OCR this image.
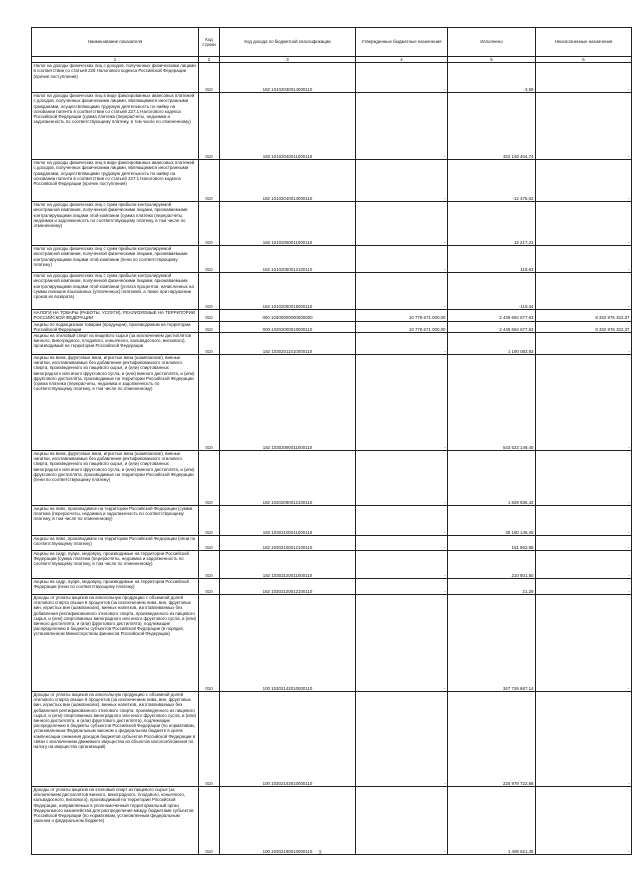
Наименование показателя	Код строки	Код дохода по бюджетной классификации	Утвержденные бюджетные назначения	Исполнено	Неисполненные назначения
1	2	3	4	5	6
Налог на доходы физических лиц с доходов, полученных физическими лицами в соответствии со статьей 228 Налогового кодекса Российской Федерации (прочие поступления)	010	182 10102030014000110	-	-3,59	-
Налог на доходы физических лиц в виде фиксированных авансовых платежей с доходов, полученных физическими лицами, являющимися иностранными гражданами, осуществляющими трудовую деятельность по найму на основании патента в соответствии со статьей 227.1 Налогового кодекса Российской Федерации (сумма платежа (перерасчеты, недоимка и задолженность по соответствующему платежу, в том числе по отмененному)	010	182 10102040011000110	-	322 149 404,74	-
Налог на доходы физических лиц в виде фиксированных авансовых платежей с доходов, полученных физическими лицами, являющимися иностранными гражданами, осуществляющими трудовую деятельность по найму на основании патента в соответствии со статьей 227.1 Налогового кодекса Российской Федерации (прочие поступления)	010	182 10102040014000110	-	-12 475,02	-
Налог на доходы физических лиц с сумм прибыли контролируемой иностранной компании, полученной физическими лицами, признаваемыми контролирующими лицами этой компании (сумма платежа (перерасчеты, недоимка и задолженность по соответствующему платежу, в том числе по отмененному)	010	182 10102050011000110	-	12 217,21	-
Налог на доходы физических лиц с сумм прибыли контролируемой иностранной компании, полученной физическими лицами, признаваемыми контролирующими лицами этой компании (пени по соответствующему платежу)	010	182 10102050012100110	-	118,63	-
Налог на доходы физических лиц с сумм прибыли контролируемой иностранной компании, полученной физическими лицами, признаваемыми контролирующими лицами этой компании (уплата процентов, начисленных на суммы излишне взысканных (уплаченных) платежей, а также при нарушении сроков их возврата)	010	182 10102050015000110	-	-119,44	-
НАЛОГИ НА ТОВАРЫ (РАБОТЫ, УСЛУГИ), РЕАЛИЗУЕМЫЕ НА ТЕРРИТОРИИ РОССИЙСКОЙ ФЕДЕРАЦИИ	010	000 10300000000000000	10 778 671 000,00	2 445 694 677,63	8 332 976 322,37
Акцизы по подакцизным товарам (продукции), производимым на территории Российской Федерации	010	000 10302000010000110	10 778 671 000,00	2 445 694 677,63	8 332 976 322,37
Акцизы на этиловый спирт из пищевого сырья (за исключением дистиллятов винного, виноградного, плодового, коньячного, кальвадосного, вискового), производимый на территории Российской Федерации	010	182 10302011010000110	-	1 190 083,93	-
Акцизы на вина, фруктовые вина, игристые вина (шампанские), винные напитки, изготавливаемые без добавления ректификованного этилового спирта, произведенного из пищевого сырья, и (или) спиртованных виноградного или иного фруктового сусла, и (или) винного дистиллята, и (или) фруктового дистиллята, производимые на территории Российской Федерации (сумма платежа (перерасчеты, недоимка и задолженность по соответствующему платежу, в том числе по отмененному)	010	182 10302090011000110	-	543 523 149,40	-
Акцизы на вина, фруктовые вина, игристые вина (шампанские), винные напитки, изготавливаемые без добавления ректификованного этилового спирта, произведенного из пищевого сырья, и (или) спиртованных виноградного или иного фруктового сусла, и (или) винного дистиллята, и (или) фруктового дистиллята, производимые на территории Российской Федерации (пени по соответствующему платежу)	010	182 10302090012100110	-	1 829 836,42	-
Акцизы на пиво, производимое на территории Российской Федерации (сумма платежа (перерасчеты, недоимка и задолженность по соответствующему платежу, в том числе по отмененному)	010	182 10302100011000110	-	35 180 146,45	-
Акцизы на пиво, производимое на территории Российской Федерации (пени по соответствующему платежу)	010	182 10302100012100110	-	151 962,98	-
Акцизы на сидр, пуаре, медовуху, производимые на территории Российской Федерации (сумма платежа (перерасчеты, недоимка и задолженность по соответствующему платежу, в том числе по отмененному)	010	182 10302120011000110	-	210 801,50	-
Акцизы на сидр, пуаре, медовуху, производимые на территории Российской Федерации (пени по соответствующему платежу)	010	182 10302120012100110	-	21,29	-
Доходы от уплаты акцизов на алкогольную продукцию с объемной долей этилового спирта свыше 9 процентов (за исключением пива, вин, фруктовых вин, игристых вин (шампанских), винных напитков, изготавливаемых без добавления ректификованного этилового спирта, произведенного из пищевого сырья, и (или) спиртованных виноградного или иного фруктового сусла, и (или) винного дистиллята, и (или) фруктового дистиллята), подлежащие распределению в бюджеты субъектов Российской Федерации (в порядке, установленном Министерством финансов Российской Федерации)	010	100 10302142010000110	-	347 726 687,14	-
Доходы от уплаты акцизов на алкогольную продукцию с объемной долей этилового спирта свыше 9 процентов (за исключением пива, вин, фруктовых вин, игристых вин (шампанских), винных напитков, изготавливаемых без добавления ректификованного этилового спирта, произведенного из пищевого сырья, и (или) спиртованных виноградного или иного фруктового сусла, и (или) винного дистиллята, и (или) фруктового дистиллята), подлежащие распределению в бюджеты субъектов Российской Федерации (по нормативам, установленным Федеральным законом о федеральном бюджете в целях компенсации снижения доходов бюджетов субъектов Российской Федерации в связи с исключением движимого имущества из объектов налогообложения по налогу на имущество организаций)	010	100 10302143010000110	-	225 979 722,88	-
Доходы от уплаты акцизов на этиловый спирт из пищевого сырья (за исключением дистиллятов винного, виноградного, плодового, коньячного, кальвадосного, вискового), производимый на территории Российской Федерации, направляемых в уполномоченный территориальный орган Федерального казначейства для распределения между бюджетами субъектов Российской Федерации (по нормативам, установленным федеральным законом о федеральном бюджете)	010	100 10302190010000110	-	1 408 621,45	-
2
